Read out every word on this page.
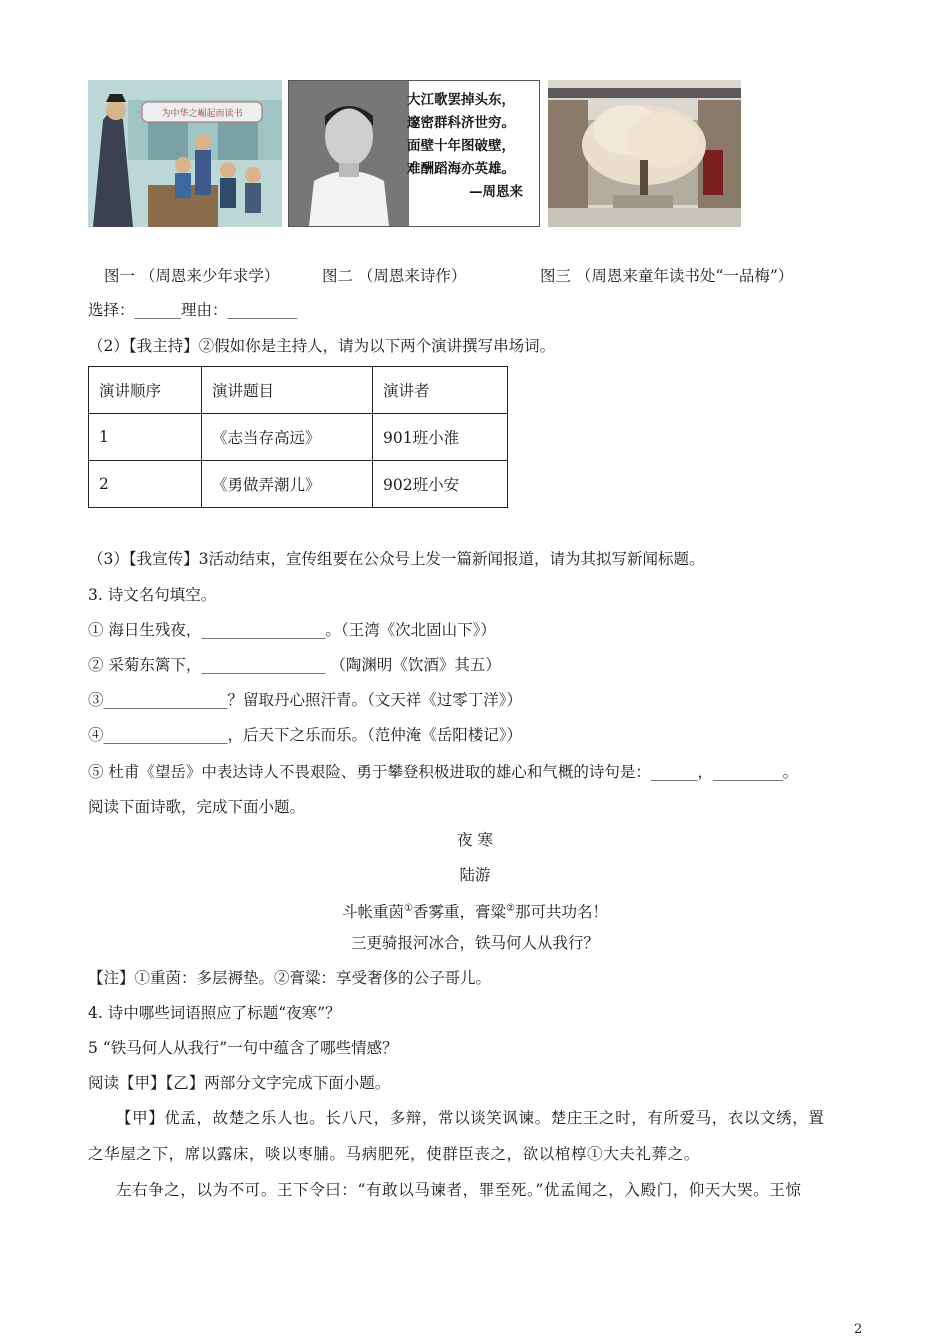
为中华之崛起而读书
大江歌罢掉头东，
邃密群科济世穷。
面壁十年图破壁，
难酬蹈海亦英雄。
—周恩来
图一 （周恩来少年求学）	图二 （周恩来诗作）	图三 （周恩来童年读书处“一品梅”）
选择：______理由：_________
（2）【我主持】②假如你是主持人，请为以下两个演讲撰写串场词。
演讲顺序	演讲题目	演讲者
1	《志当存高远》	901班小淮
2	《勇做弄潮儿》	902班小安
（3）【我宣传】3活动结束，宣传组要在公众号上发一篇新闻报道，请为其拟写新闻标题。
3. 诗文名句填空。
① 海日生残夜，________________。（王湾《次北固山下》）
② 采菊东篱下，________________ （陶渊明《饮酒》其五）
③________________？留取丹心照汗青。（文天祥《过零丁洋》）
④________________，后天下之乐而乐。（范仲淹《岳阳楼记》）
⑤ 杜甫《望岳》中表达诗人不畏艰险、勇于攀登积极进取的雄心和气概的诗句是：______，_________。
阅读下面诗歌，完成下面小题。
夜 寒
陆游
斗帐重茵①香雾重，膏粱②那可共功名！
三更骑报河冰合，铁马何人从我行？
【注】①重茵：多层褥垫。②膏粱：享受奢侈的公子哥儿。
4. 诗中哪些词语照应了标题“夜寒”？
5 “铁马何人从我行”一句中蕴含了哪些情感？
阅读【甲】【乙】两部分文字完成下面小题。
【甲】优孟，故楚之乐人也。长八尺，多辩，常以谈笑讽谏。楚庄王之时，有所爱马，衣以文绣，置
之华屋之下，席以露床，啖以枣脯。马病肥死，使群臣丧之，欲以棺椁①大夫礼葬之。
左右争之，以为不可。王下令曰：“有敢以马谏者，罪至死。”优孟闻之，入殿门，仰天大哭。王惊
2
